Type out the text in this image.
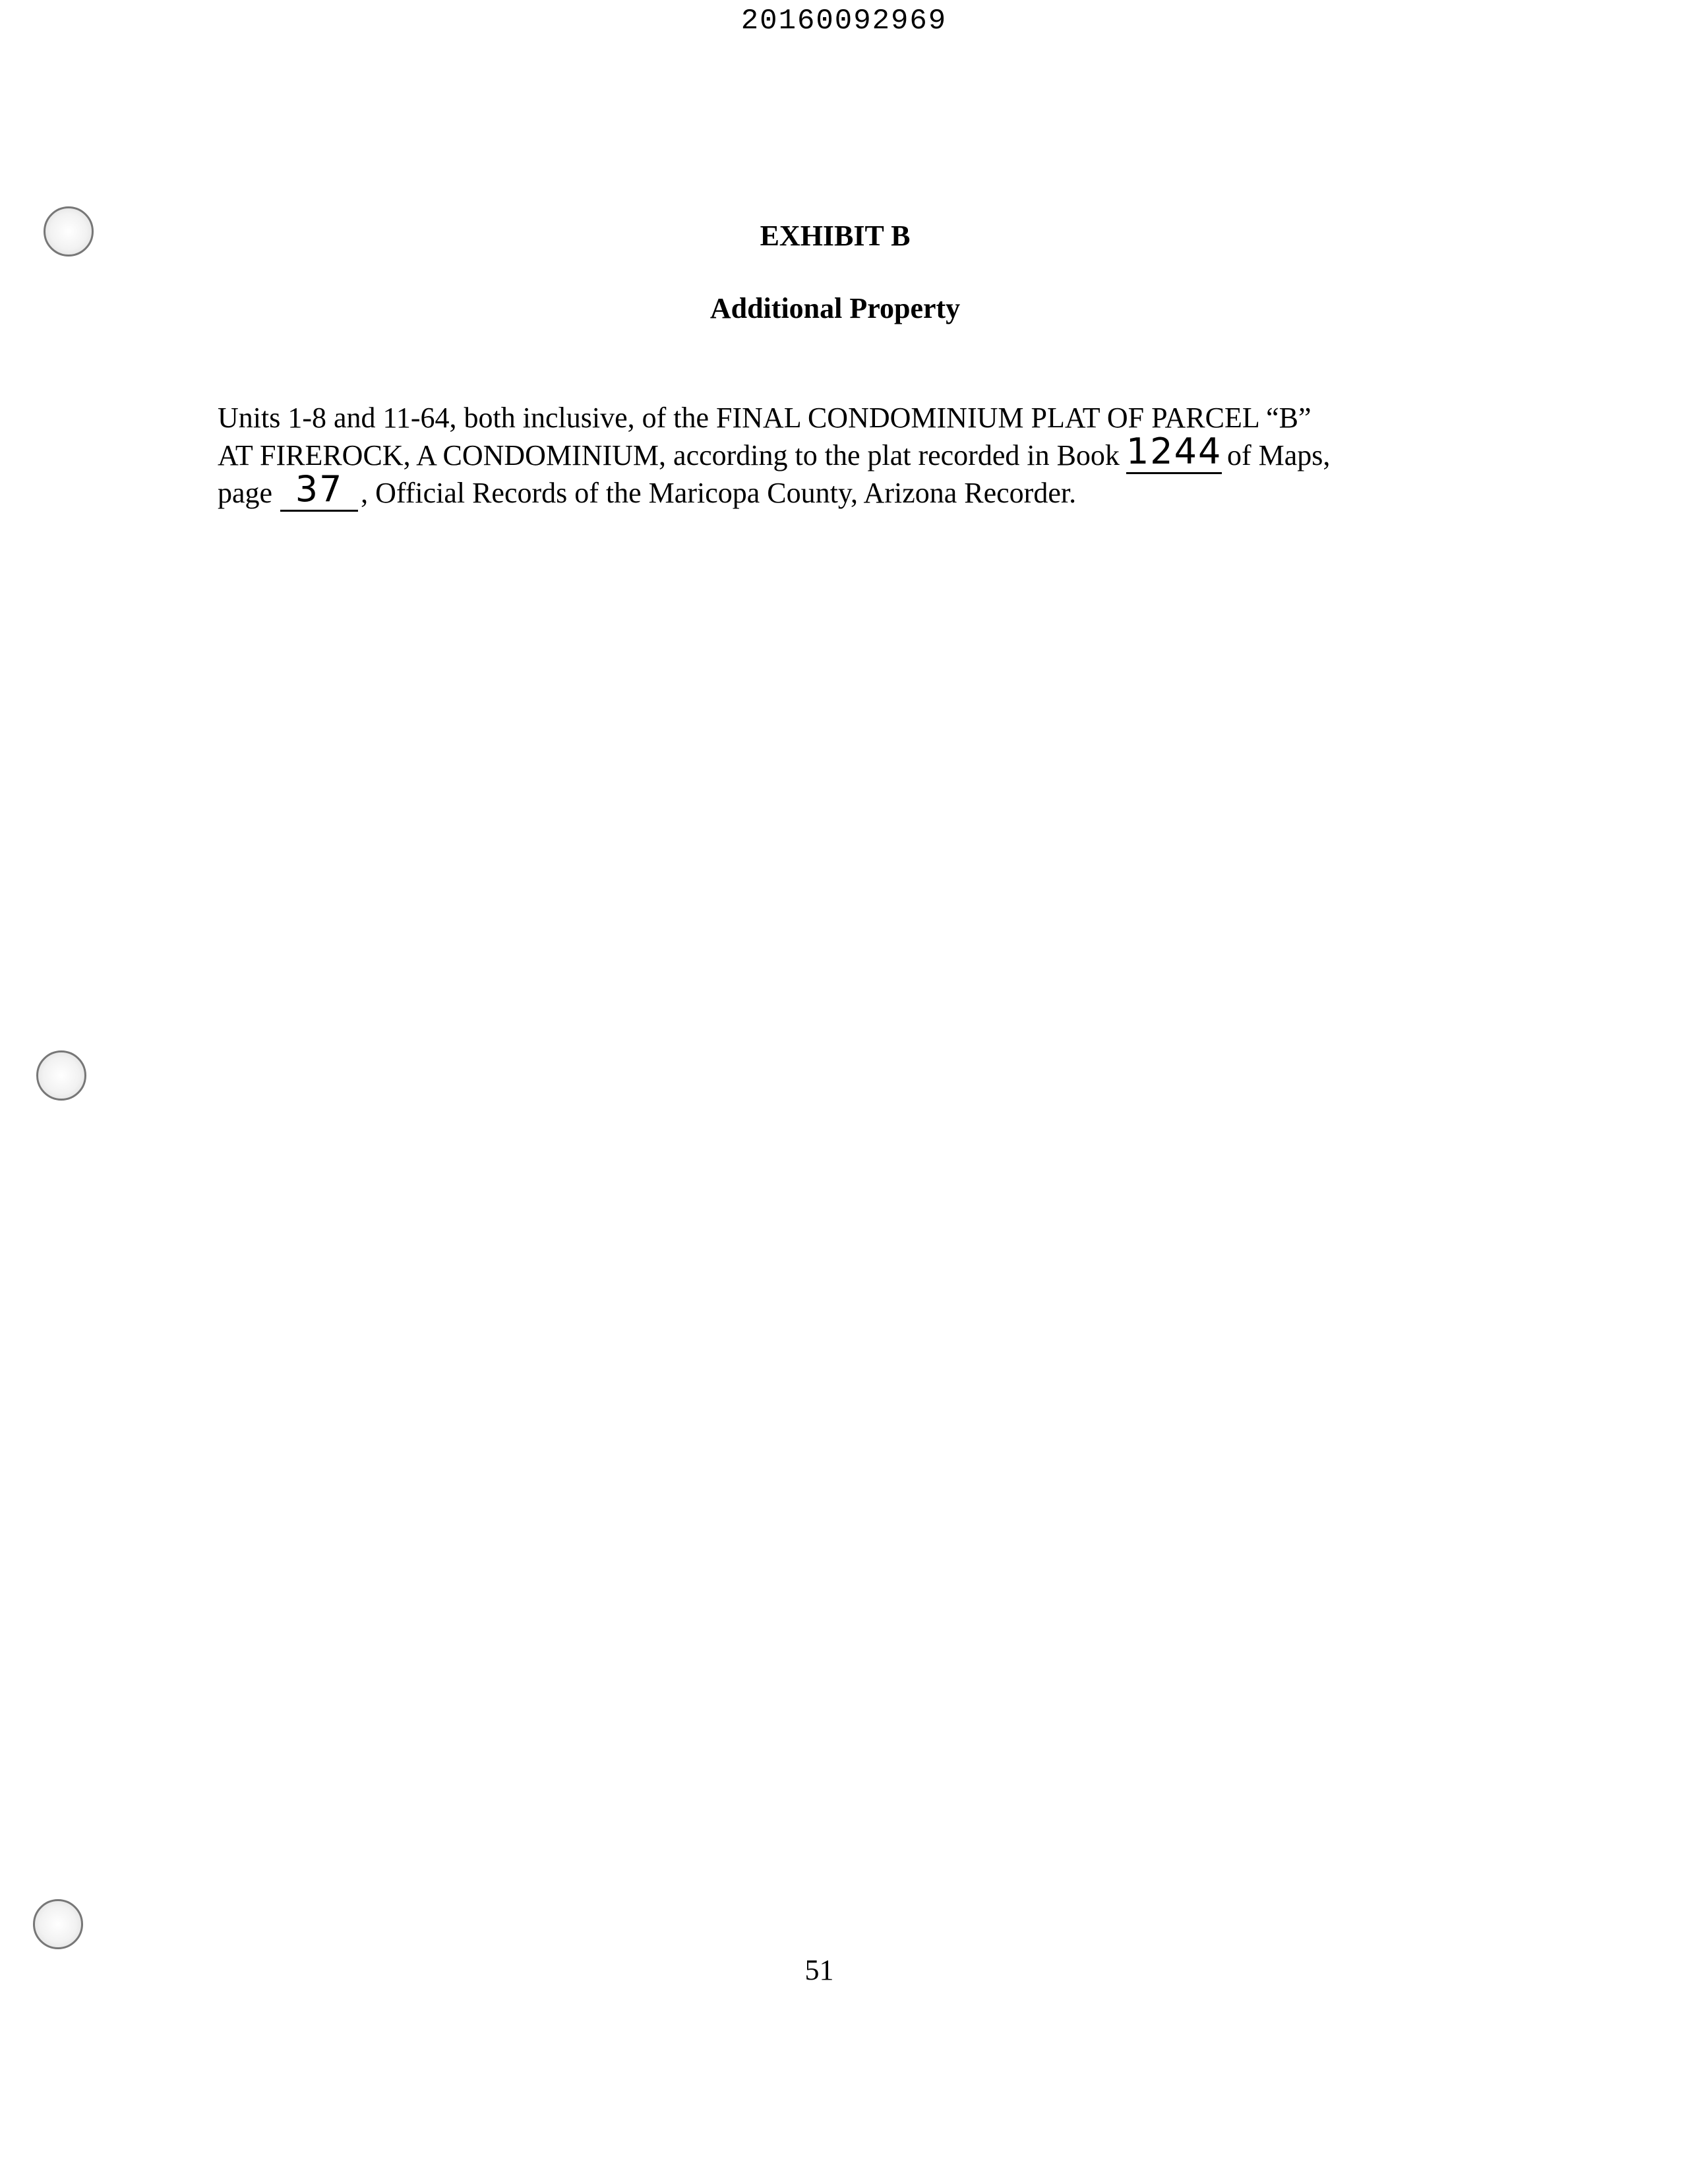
20160092969
EXHIBIT B
Additional Property
Units 1-8 and 11-64, both inclusive, of the FINAL CONDOMINIUM PLAT OF PARCEL “B”
AT FIREROCK, A CONDOMINIUM, according to the plat recorded in Book 1244 of Maps,
page 37 , Official Records of the Maricopa County, Arizona Recorder.
51
